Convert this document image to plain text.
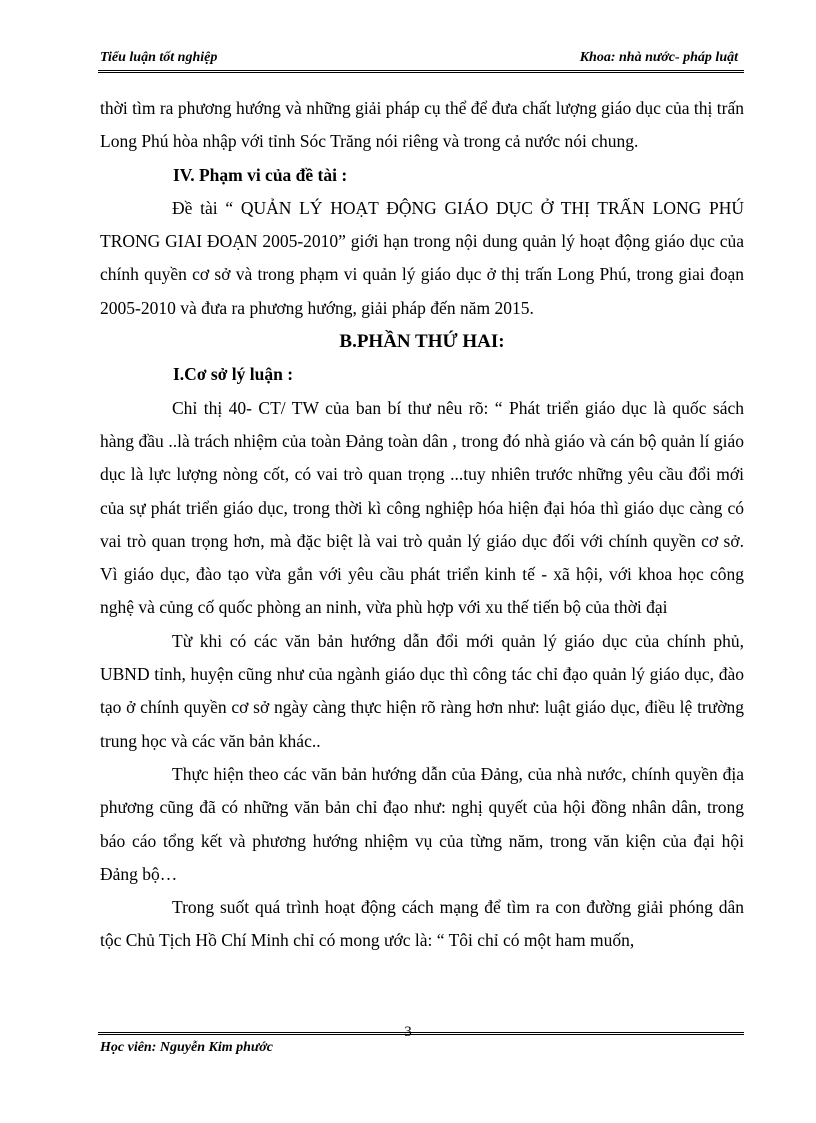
Tiểu luận tốt nghiệp	Khoa: nhà nước- pháp luật

thời tìm ra phương hướng và những giải pháp cụ thể để đưa chất lượng giáo dục của thị trấn Long Phú hòa nhập với tỉnh Sóc Trăng nói riêng và trong cả nước nói chung.

IV. Phạm vi của đề tài :

Đề tài “ QUẢN LÝ HOẠT ĐỘNG GIÁO DỤC Ở THỊ TRẤN LONG PHÚ TRONG GIAI ĐOẠN 2005-2010” giới hạn trong nội dung quản lý hoạt động giáo dục của chính quyền cơ sở và trong phạm vi quản lý giáo dục ở thị trấn Long Phú, trong giai đoạn 2005-2010 và đưa ra phương hướng, giải pháp đến năm 2015.

B.PHẦN THỨ HAI:

I.Cơ sở lý luận :

Chỉ thị 40- CT/ TW của ban bí thư nêu rõ: “ Phát triển giáo dục là quốc sách hàng đầu ..là trách nhiệm của toàn Đảng toàn dân , trong đó nhà giáo và cán bộ quản lí giáo dục là lực lượng nòng cốt, có vai trò quan trọng ...tuy nhiên trước những yêu cầu đổi mới của sự phát triển giáo dục, trong thời kì công nghiệp hóa hiện đại hóa thì giáo dục càng có vai trò quan trọng hơn, mà đặc biệt là vai trò quản lý giáo dục đối với chính quyền cơ sở. Vì giáo dục, đào tạo vừa gắn với yêu cầu phát triển kinh tế - xã hội, với khoa học công nghệ và củng cố quốc phòng an ninh, vừa phù hợp với xu thế tiến bộ của thời đại

Từ khi có các văn bản hướng dẫn đổi mới quản lý giáo dục của chính phủ, UBND tỉnh, huyện cũng như của ngành giáo dục thì công tác chỉ đạo quản lý giáo dục, đào tạo ở chính quyền cơ sở ngày càng thực hiện rõ ràng hơn như: luật giáo dục, điều lệ trường trung học và các văn bản khác..

Thực hiện theo các văn bản hướng dẫn của Đảng, của nhà nước, chính quyền địa phương cũng đã có những văn bản chỉ đạo như: nghị quyết của hội đồng nhân dân, trong báo cáo tổng kết và phương hướng nhiệm vụ của từng năm, trong văn kiện của đại hội Đảng bộ…

Trong suốt quá trình hoạt động cách mạng để tìm ra con đường giải phóng dân tộc Chủ Tịch Hồ Chí Minh chỉ có mong ước là: “ Tôi chỉ có một ham muốn,

3
Học viên: Nguyễn Kim phước
